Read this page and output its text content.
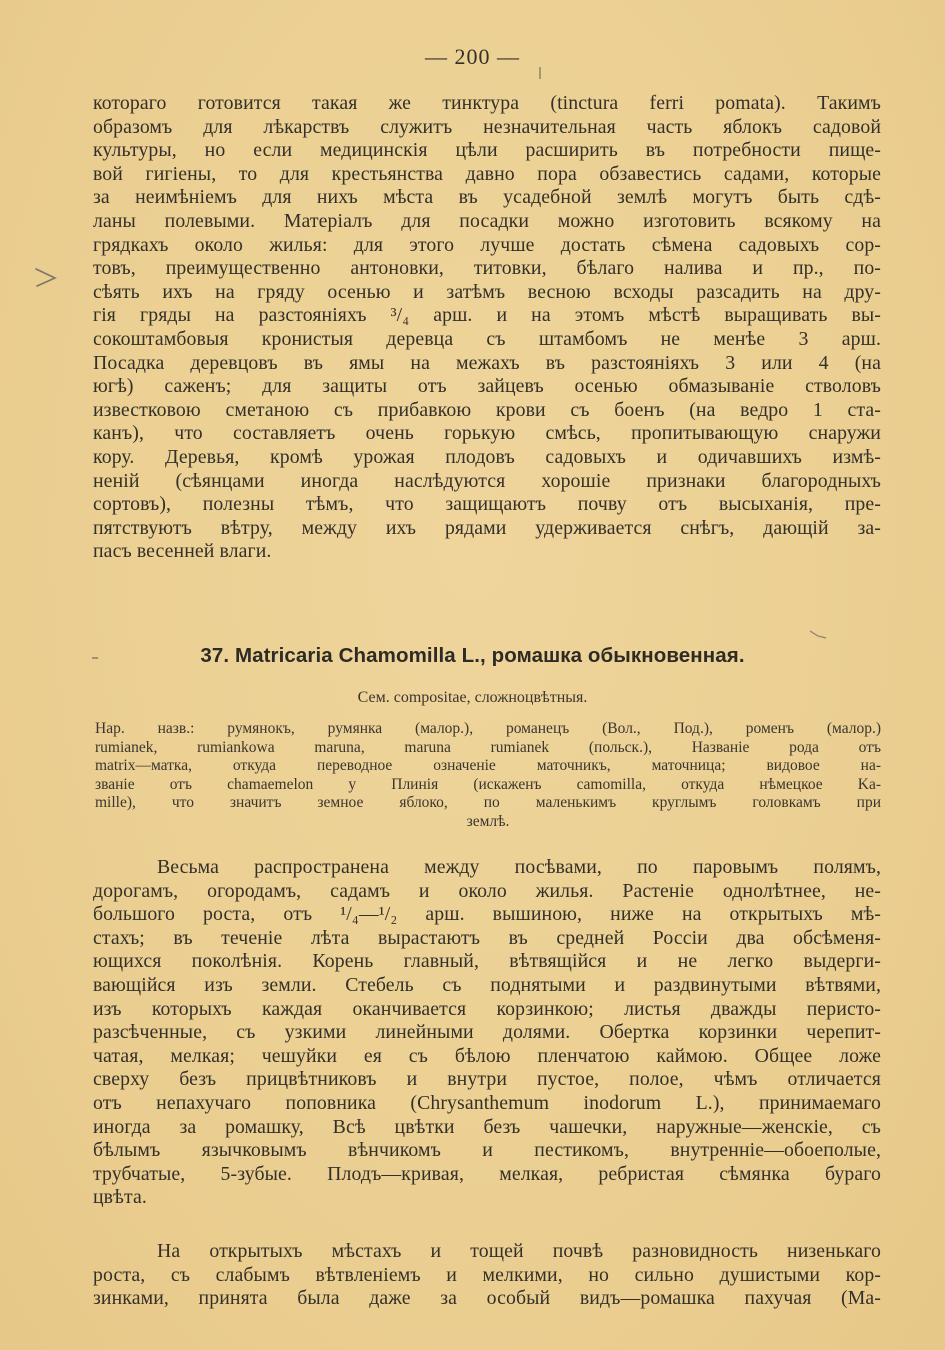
— 200 —
котораго готовится такая же тинктура (tinctura ferri pomata). Такимъ
образомъ для лѣкарствъ служитъ незначительная часть яблокъ садовой
культуры, но если медицинскія цѣли расширить въ потребности пище-
вой гигіены, то для крестьянства давно пора обзавестись садами, которые
за неимѣніемъ для нихъ мѣста въ усадебной землѣ могутъ быть сдѣ-
ланы полевыми. Матеріалъ для посадки можно изготовить всякому на
грядкахъ около жилья: для этого лучше достать сѣмена садовыхъ сор-
товъ, преимущественно антоновки, титовки, бѣлаго налива и пр., по-
сѣять ихъ на гряду осенью и затѣмъ весною всходы разсадить на дру-
гія гряды на разстояніяхъ ³/₄ арш. и на этомъ мѣстѣ выращивать вы-
сокоштамбовыя кронистыя деревца съ штамбомъ не менѣе 3 арш.
Посадка деревцовъ въ ямы на межахъ въ разстояніяхъ 3 или 4 (на
югѣ) саженъ; для защиты отъ зайцевъ осенью обмазываніе стволовъ
известковою сметаною съ прибавкою крови съ боенъ (на ведро 1 ста-
канъ), что составляетъ очень горькую смѣсь, пропитывающую снаружи
кору. Деревья, кромѣ урожая плодовъ садовыхъ и одичавшихъ измѣ-
неній (сѣянцами иногда наслѣдуются хорошіе признаки благородныхъ
сортовъ), полезны тѣмъ, что защищаютъ почву отъ высыханія, пре-
пятствуютъ вѣтру, между ихъ рядами удерживается снѣгъ, дающій за-
пасъ весенней влаги.
37. Matricaria Chamomilla L., ромашка обыкновенная.
Сем. compositae, сложноцвѣтныя.
Нар. назв.: румянокъ, румянка (малор.), романецъ (Вол., Под.), роменъ (малор.)
rumianek, rumiankowa maruna, maruna rumianek (польск.), Названіе рода отъ
matrix—матка, откуда переводное означеніе маточникъ, маточница; видовое на-
званіе отъ chamaemelon у Плинія (искаженъ camomilla, откуда нѣмецкое Ka-
mille), что значитъ земное яблоко, по маленькимъ круглымъ головкамъ при
землѣ.
Весьма распространена между посѣвами, по паровымъ полямъ,
дорогамъ, огородамъ, садамъ и около жилья. Растеніе однолѣтнее, не-
большого роста, отъ ¹/₄—¹/₂ арш. вышиною, ниже на открытыхъ мѣ-
стахъ; въ теченіе лѣта вырастаютъ въ средней Россіи два обсѣменя-
ющихся поколѣнія. Корень главный, вѣтвящійся и не легко выдерги-
вающійся изъ земли. Стебель съ поднятыми и раздвинутыми вѣтвями,
изъ которыхъ каждая оканчивается корзинкою; листья дважды перисто-
разсѣченные, съ узкими линейными долями. Обертка корзинки черепит-
чатая, мелкая; чешуйки ея съ бѣлою пленчатою каймою. Общее ложе
сверху безъ прицвѣтниковъ и внутри пустое, полое, чѣмъ отличается
отъ непахучаго поповника (Chrysanthemum inodorum L.), принимаемаго
иногда за ромашку, Всѣ цвѣтки безъ чашечки, наружные—женскіе, съ
бѣлымъ язычковымъ вѣнчикомъ и пестикомъ, внутренніе—обоеполые,
трубчатые, 5-зубые. Плодъ—кривая, мелкая, ребристая сѣмянка бураго
цвѣта.
На открытыхъ мѣстахъ и тощей почвѣ разновидность низенькаго
роста, съ слабымъ вѣтвленіемъ и мелкими, но сильно душистыми кор-
зинками, принята была даже за особый видъ—ромашка пахучая (Ма-
